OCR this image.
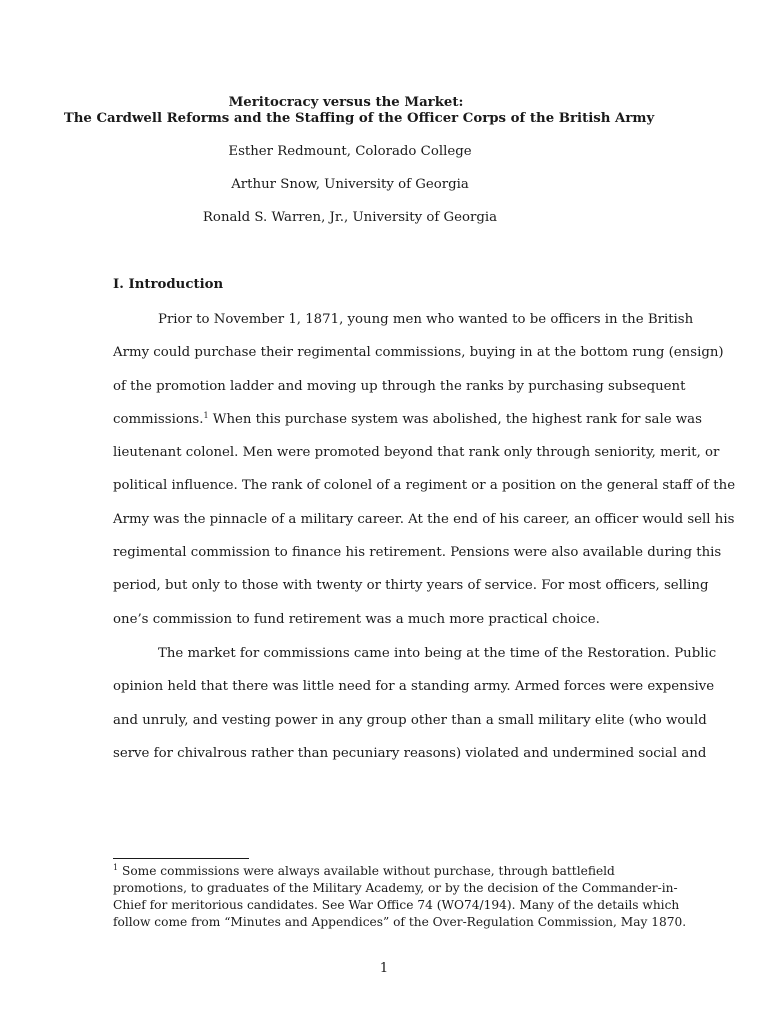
Meritocracy versus the Market:
The Cardwell Reforms and the Staffing of the Officer Corps of the British Army
Esther Redmount, Colorado College
Arthur Snow, University of Georgia
Ronald S. Warren, Jr., University of Georgia
I. Introduction
Prior to November 1, 1871, young men who wanted to be officers in the British
Army could purchase their regimental commissions, buying in at the bottom rung (ensign)
of the promotion ladder and moving up through the ranks by purchasing subsequent
commissions.$^1$ When this purchase system was abolished, the highest rank for sale was
lieutenant colonel. Men were promoted beyond that rank only through seniority, merit, or
political influence. The rank of colonel of a regiment or a position on the general staff of the
Army was the pinnacle of a military career. At the end of his career, an officer would sell his
regimental commission to finance his retirement. Pensions were also available during this
period, but only to those with twenty or thirty years of service. For most officers, selling
one’s commission to fund retirement was a much more practical choice.
The market for commissions came into being at the time of the Restoration. Public
opinion held that there was little need for a standing army. Armed forces were expensive
and unruly, and vesting power in any group other than a small military elite (who would
serve for chivalrous rather than pecuniary reasons) violated and undermined social and
$^1$ Some commissions were always available without purchase, through battlefield
promotions, to graduates of the Military Academy, or by the decision of the Commander-in-
Chief for meritorious candidates. See War Office 74 (WO74/194). Many of the details which
follow come from “Minutes and Appendices” of the Over-Regulation Commission, May 1870.
1
